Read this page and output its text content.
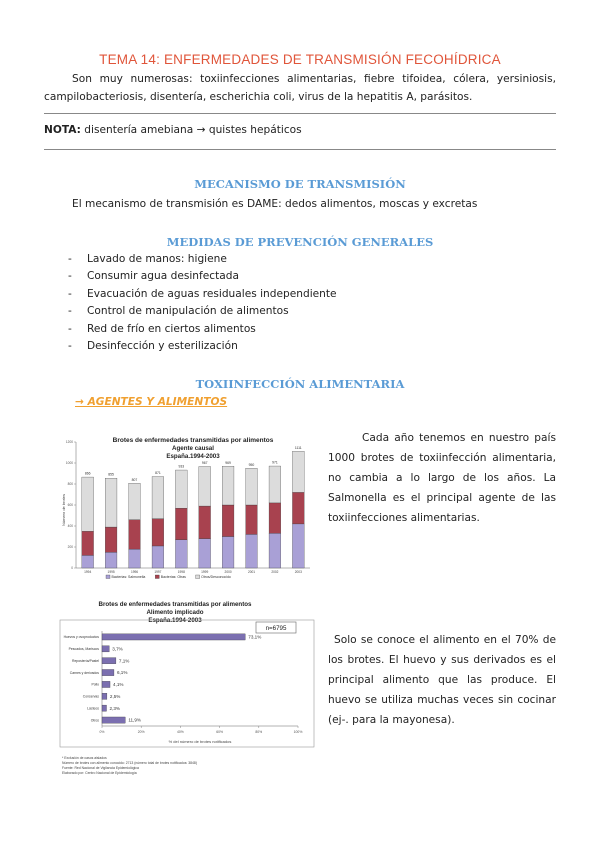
TEMA 14: ENFERMEDADES DE TRANSMISIÓN FECOHÍDRICA
Son muy numerosas: toxiinfecciones alimentarias, fiebre tifoidea, cólera, yersiniosis, campilobacteriosis, disentería, escherichia coli, virus de la hepatitis A, parásitos.
NOTA: disentería amebiana → quistes hepáticos
MECANISMO DE TRANSMISIÓN
El mecanismo de transmisión es DAME: dedos alimentos, moscas y excretas
MEDIDAS DE PREVENCIÓN GENERALES
- Lavado de manos: higiene
- Consumir agua desinfectada
- Evacuación de aguas residuales independiente
- Control de manipulación de alimentos
- Red de frío en ciertos alimentos
- Desinfección y esterilización
TOXIINFECCIÓN ALIMENTARIA
→ AGENTES Y ALIMENTOS
Brotes de enfermedades transmitidas por alimentos
Agente causal
España.1994-2003
Número de brotes
0
200
400
600
800
1000
1200
866
1994
855
1995
807
1996
871
1997
933
1998
967
1999
969
2000
950
2001
971
2002
1111
2003
Bacterias: Salmonella	Bacterias: Otras	Otros/Desconocido
Cada año tenemos en nuestro país 1000 brotes de toxiinfección alimentaria, no cambia a lo largo de los años. La Salmonella es el principal agente de las toxiinfecciones alimentarias.
Brotes de enfermedades transmitidas por alimentos
Alimento implicado
España.1994-2003
n=6795
% del número de brotes notificados
0%	20%	40%	60%	80%	100%
Huevos y ovoproductos	73,1%
Pescados, Mariscos	3,7%
Repostería/Pastel	7,1%
Carnes y derivados	6,1%
Pollo	4,1%
Conservas 2,5%
Lácteos 2,3%
Otros	11,9%
* Exclusión de casos aislados
Número de brotes con alimento conocido: 2713 (número total de brotes notificados: 3848)
Fuente: Red Nacional de Vigilancia Epidemiológica
Elaborado por: Centro Nacional de Epidemiología
Solo se conoce el alimento en el 70% de los brotes. El huevo y sus derivados es el principal alimento que las produce. El huevo se utiliza muchas veces sin cocinar (ej-. para la mayonesa).
